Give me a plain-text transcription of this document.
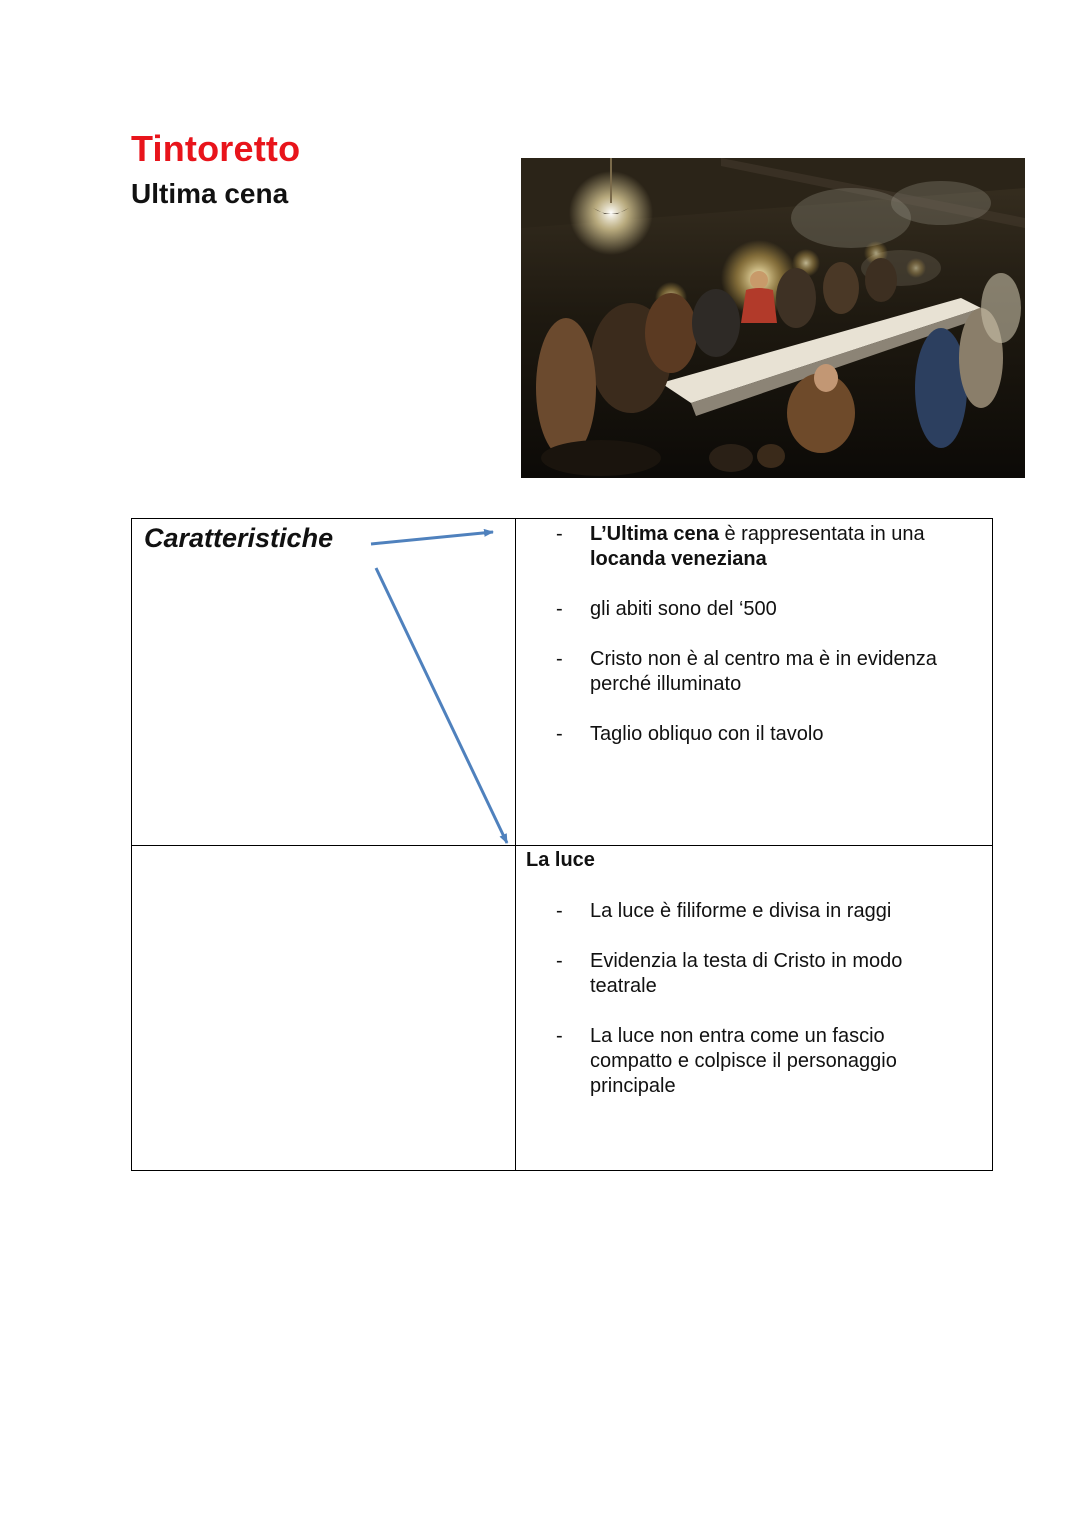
Tintoretto
Ultima cena
Caratteristiche	- L’Ultima cena è rappresentata in una locanda veneziana
- gli abiti sono del ‘500
- Cristo non è al centro ma è in evidenza perché illuminato
- Taglio obliquo con il tavolo
La luce
- La luce è filiforme e divisa in raggi
- Evidenzia la testa di Cristo in modo teatrale
- La luce non entra come un fascio compatto e colpisce il personaggio principale
